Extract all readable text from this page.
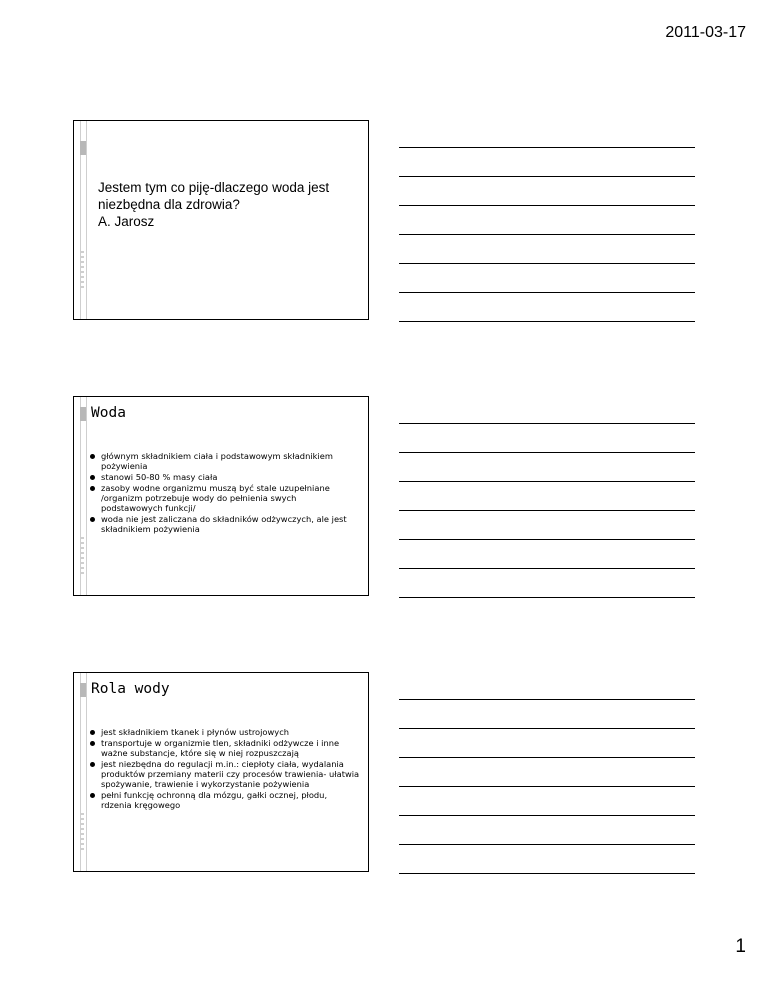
2011-03-17
Jestem tym co piję-dlaczego woda jest
niezbędna dla zdrowia?
A. Jarosz
Woda
głównym składnikiem ciała i podstawowym składnikiem pożywienia
stanowi 50-80 % masy ciała
zasoby wodne organizmu muszą być stale uzupełniane /organizm potrzebuje wody do pełnienia swych podstawowych funkcji/
woda nie jest zaliczana do składników odżywczych, ale jest składnikiem pożywienia
Rola wody
jest składnikiem tkanek i płynów ustrojowych
transportuje w organizmie tlen, składniki odżywcze i inne ważne substancje, które się w niej rozpuszczają
jest niezbędna do regulacji m.in.: ciepłoty ciała, wydalania produktów przemiany materii czy procesów trawienia- ułatwia spożywanie, trawienie i wykorzystanie pożywienia
pełni funkcję ochronną dla mózgu, gałki ocznej, płodu, rdzenia kręgowego
1
